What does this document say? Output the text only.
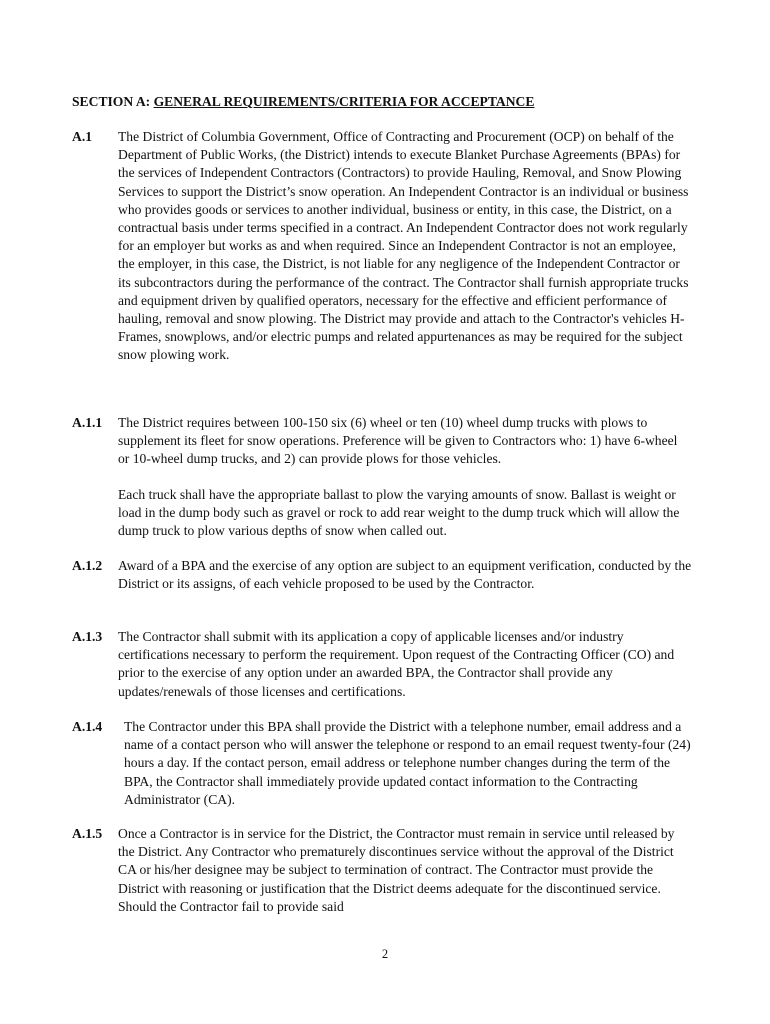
SECTION A: GENERAL REQUIREMENTS/CRITERIA FOR ACCEPTANCE
A.1 The District of Columbia Government, Office of Contracting and Procurement (OCP) on behalf of the Department of Public Works, (the District) intends to execute Blanket Purchase Agreements (BPAs) for the services of Independent Contractors (Contractors) to provide Hauling, Removal, and Snow Plowing Services to support the District’s snow operation. An Independent Contractor is an individual or business who provides goods or services to another individual, business or entity, in this case, the District, on a contractual basis under terms specified in a contract. An Independent Contractor does not work regularly for an employer but works as and when required. Since an Independent Contractor is not an employee, the employer, in this case, the District, is not liable for any negligence of the Independent Contractor or its subcontractors during the performance of the contract. The Contractor shall furnish appropriate trucks and equipment driven by qualified operators, necessary for the effective and efficient performance of hauling, removal and snow plowing. The District may provide and attach to the Contractor's vehicles H-Frames, snowplows, and/or electric pumps and related appurtenances as may be required for the subject snow plowing work.
A.1.1 The District requires between 100-150 six (6) wheel or ten (10) wheel dump trucks with plows to supplement its fleet for snow operations. Preference will be given to Contractors who: 1) have 6-wheel or 10-wheel dump trucks, and 2) can provide plows for those vehicles.
Each truck shall have the appropriate ballast to plow the varying amounts of snow. Ballast is weight or load in the dump body such as gravel or rock to add rear weight to the dump truck which will allow the dump truck to plow various depths of snow when called out.
A.1.2 Award of a BPA and the exercise of any option are subject to an equipment verification, conducted by the District or its assigns, of each vehicle proposed to be used by the Contractor.
A.1.3 The Contractor shall submit with its application a copy of applicable licenses and/or industry certifications necessary to perform the requirement. Upon request of the Contracting Officer (CO) and prior to the exercise of any option under an awarded BPA, the Contractor shall provide any updates/renewals of those licenses and certifications.
A.1.4 The Contractor under this BPA shall provide the District with a telephone number, email address and a name of a contact person who will answer the telephone or respond to an email request twenty-four (24) hours a day. If the contact person, email address or telephone number changes during the term of the BPA, the Contractor shall immediately provide updated contact information to the Contracting Administrator (CA).
A.1.5 Once a Contractor is in service for the District, the Contractor must remain in service until released by the District. Any Contractor who prematurely discontinues service without the approval of the District CA or his/her designee may be subject to termination of contract. The Contractor must provide the District with reasoning or justification that the District deems adequate for the discontinued service. Should the Contractor fail to provide said
2
